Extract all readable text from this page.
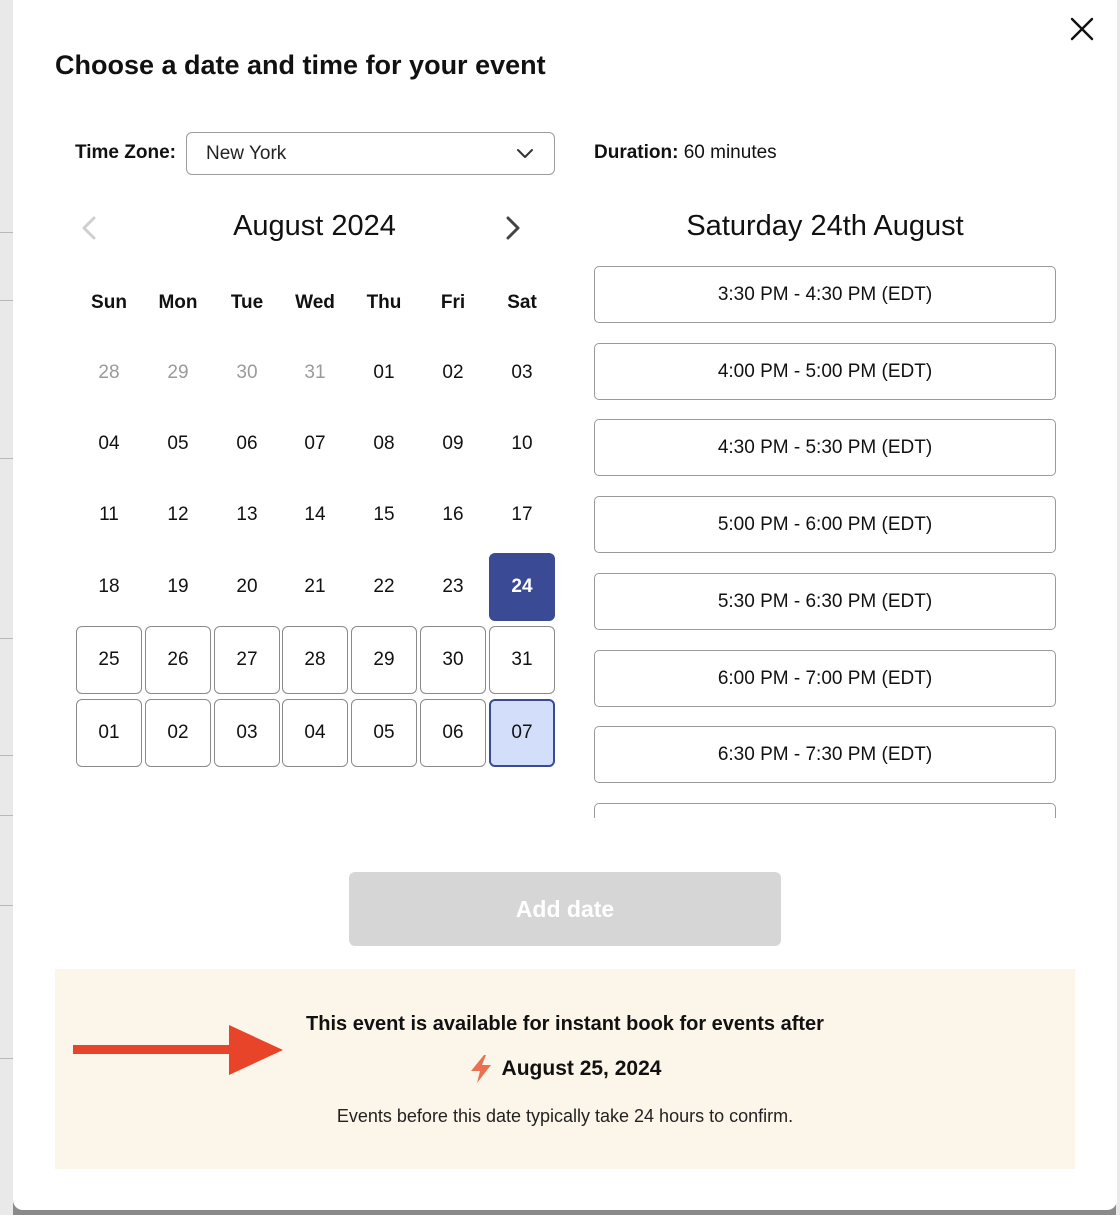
Choose a date and time for your event
Time Zone: New York	Duration: 60 minutes
August 2024
Sun	Mon	Tue	Wed	Thu	Fri	Sat
28	29	30	31	01	02	03
04	05	06	07	08	09	10
11	12	13	14	15	16	17
18	19	20	21	22	23	24
25	26	27	28	29	30	31
01	02	03	04	05	06	07
Saturday 24th August
3:30 PM - 4:30 PM (EDT)
4:00 PM - 5:00 PM (EDT)
4:30 PM - 5:30 PM (EDT)
5:00 PM - 6:00 PM (EDT)
5:30 PM - 6:30 PM (EDT)
6:00 PM - 7:00 PM (EDT)
6:30 PM - 7:30 PM (EDT)
Add date
This event is available for instant book for events after
August 25, 2024
Events before this date typically take 24 hours to confirm.
